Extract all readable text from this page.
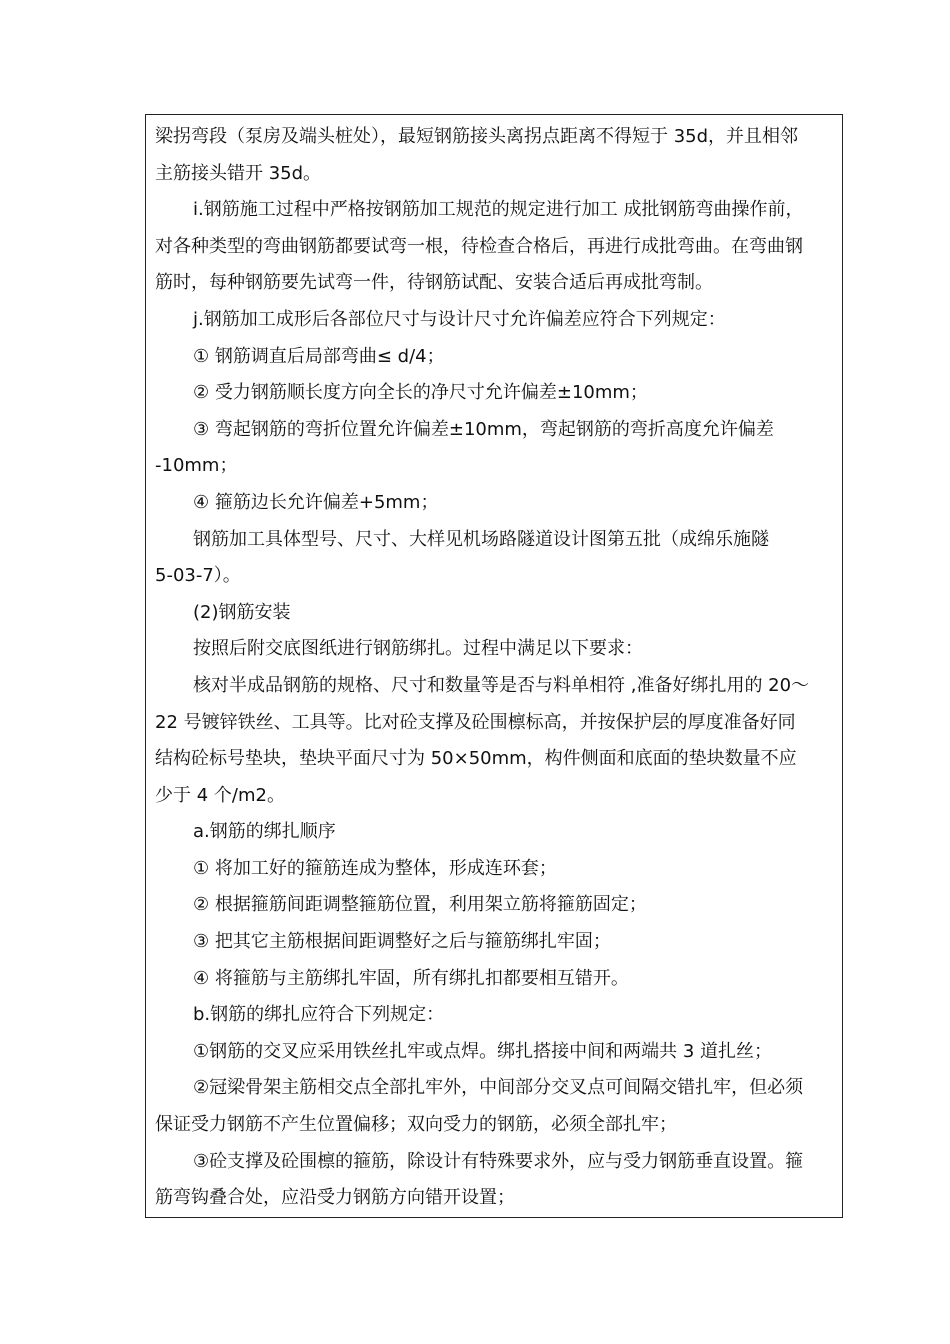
梁拐弯段（泵房及端头桩处），最短钢筋接头离拐点距离不得短于 35d，并且相邻

主筋接头错开 35d。

i.钢筋施工过程中严格按钢筋加工规范的规定进行加工 成批钢筋弯曲操作前，

对各种类型的弯曲钢筋都要试弯一根，待检查合格后，再进行成批弯曲。在弯曲钢

筋时，每种钢筋要先试弯一件，待钢筋试配、安装合适后再成批弯制。

j.钢筋加工成形后各部位尺寸与设计尺寸允许偏差应符合下列规定：

① 钢筋调直后局部弯曲≤ d/4；

② 受力钢筋顺长度方向全长的净尺寸允许偏差±10mm；

③ 弯起钢筋的弯折位置允许偏差±10mm，弯起钢筋的弯折高度允许偏差

-10mm；

④ 箍筋边长允许偏差+5mm；

钢筋加工具体型号、尺寸、大样见机场路隧道设计图第五批（成绵乐施隧

5-03-7）。

(2)钢筋安装

按照后附交底图纸进行钢筋绑扎。过程中满足以下要求：

核对半成品钢筋的规格、尺寸和数量等是否与料单相符 ,准备好绑扎用的 20～

22 号镀锌铁丝、工具等。比对砼支撑及砼围檩标高，并按保护层的厚度准备好同

结构砼标号垫块，垫块平面尺寸为 50×50mm，构件侧面和底面的垫块数量不应

少于 4 个/m2。

a.钢筋的绑扎顺序

① 将加工好的箍筋连成为整体，形成连环套；

② 根据箍筋间距调整箍筋位置，利用架立筋将箍筋固定；

③ 把其它主筋根据间距调整好之后与箍筋绑扎牢固；

④ 将箍筋与主筋绑扎牢固，所有绑扎扣都要相互错开。

b.钢筋的绑扎应符合下列规定：

①钢筋的交叉应采用铁丝扎牢或点焊。绑扎搭接中间和两端共 3 道扎丝；

②冠梁骨架主筋相交点全部扎牢外，中间部分交叉点可间隔交错扎牢，但必须

保证受力钢筋不产生位置偏移；双向受力的钢筋，必须全部扎牢；

③砼支撑及砼围檩的箍筋，除设计有特殊要求外，应与受力钢筋垂直设置。箍

筋弯钩叠合处，应沿受力钢筋方向错开设置；
